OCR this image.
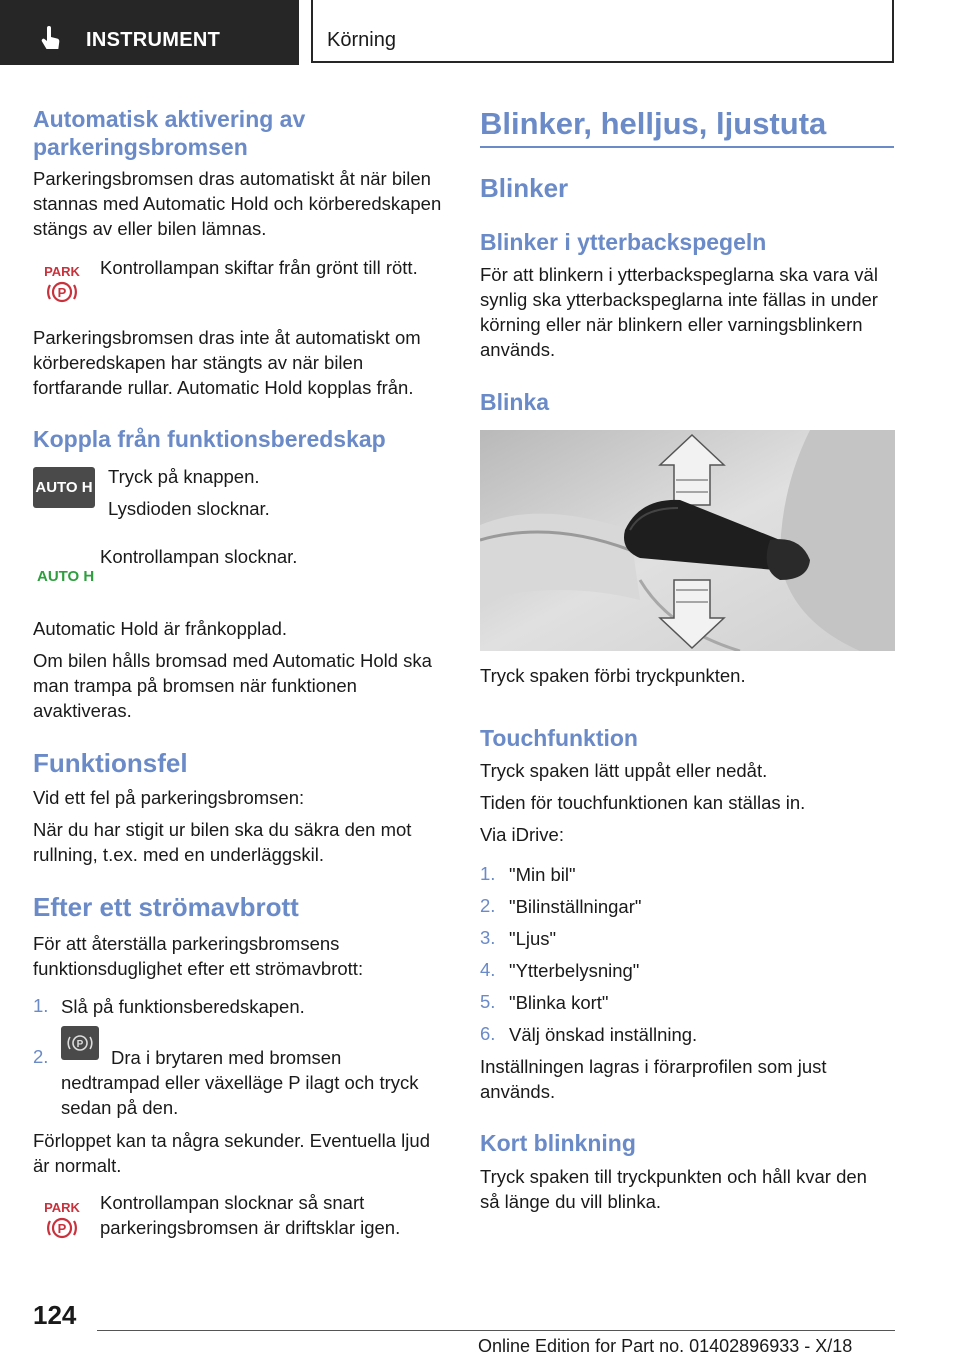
INSTRUMENT	Körning
Automatisk aktivering av parkeringsbromsen

Parkeringsbromsen dras automatiskt åt när bilen stannas med Automatic Hold och körberedskapen stängs av eller bilen lämnas.

PARK
P

Kontrollampan skiftar från grönt till rött.

Parkeringsbromsen dras inte åt automatiskt om körberedskapen har stängts av när bilen fortfarande rullar. Automatic Hold kopplas från.

Koppla från funktionsberedskap
AUTO H

Tryck på knappen.

Lysdioden slocknar.

AUTO H

Kontrollampan slocknar.

Automatic Hold är frånkopplad.

Om bilen hålls bromsad med Automatic Hold ska man trampa på bromsen när funktionen avaktiveras.

Funktionsfel

Vid ett fel på parkeringsbromsen:

När du har stigit ur bilen ska du säkra den mot rullning, t.ex. med en underläggskil.

Efter ett strömavbrott

För att återställa parkeringsbromsens funktionsduglighet efter ett strömavbrott:

1. Slå på funktionsberedskapen.

2.
P

Dra i brytaren med bromsen nedtrampad eller växelläge P ilagt och tryck sedan på den.

Förloppet kan ta några sekunder. Eventuella ljud är normalt.

PARK
P

Kontrollampan slocknar så snart parkeringsbromsen är driftsklar igen.

Blinker, helljus, ljustuta
Blinker
Blinker i ytterbackspegeln

För att blinkern i ytterbackspeglarna ska vara väl synlig ska ytterbackspeglarna inte fällas in under körning eller när blinkern eller varningsblinkern används.

Blinka

Tryck spaken förbi tryckpunkten.

Touchfunktion

Tryck spaken lätt uppåt eller nedåt.

Tiden för touchfunktionen kan ställas in.

Via iDrive:

1. "Min bil"

2. "Bilinställningar"

3. "Ljus"

4. "Ytterbelysning"

5. "Blinka kort"

6. Välj önskad inställning.

Inställningen lagras i förarprofilen som just används.

Kort blinkning

Tryck spaken till tryckpunkten och håll kvar den så länge du vill blinka.

124
Online Edition for Part no. 01402896933 - X/18
